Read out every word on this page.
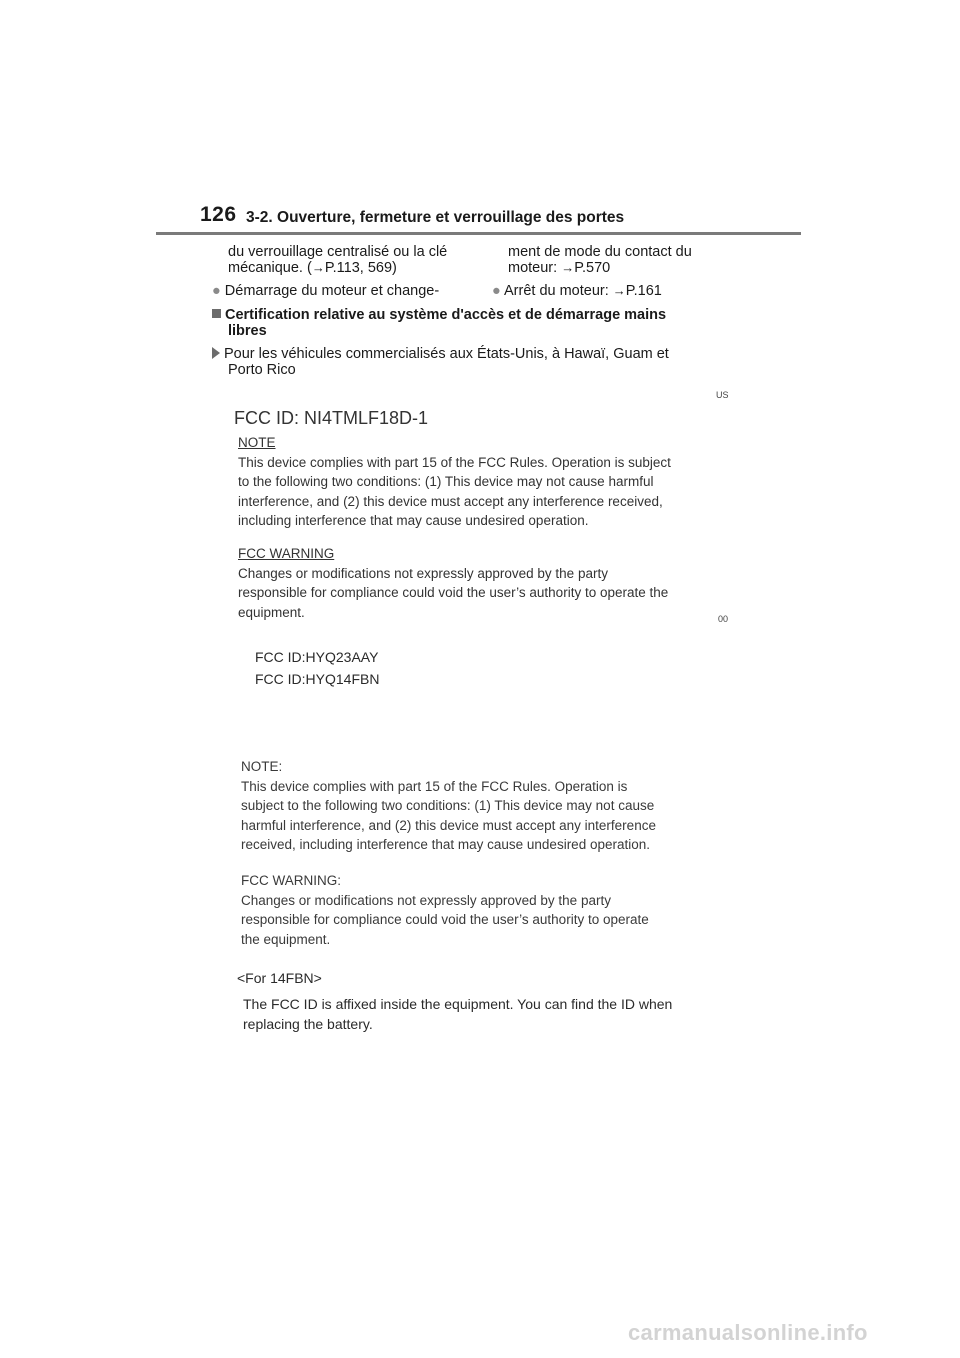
126 3-2. Ouverture, fermeture et verrouillage des portes
du verrouillage centralisé ou la clé
mécanique. (→P.113, 569)
ment de mode du contact du
moteur: →P.570
● Démarrage du moteur et change-	● Arrêt du moteur: →P.161
Certification relative au système d'accès et de démarrage mains
libres
Pour les véhicules commercialisés aux États-Unis, à Hawaï, Guam et
Porto Rico
US
FCC ID: NI4TMLF18D-1
NOTE
This device complies with part 15 of the FCC Rules. Operation is subject
to the following two conditions: (1) This device may not cause harmful
interference, and (2) this device must accept any interference received,
including interference that may cause undesired operation.
FCC WARNING
Changes or modifications not expressly approved by the party
responsible for compliance could void the user’s authority to operate the
equipment.	00
FCC ID:HYQ23AAY
FCC ID:HYQ14FBN
NOTE:
This device complies with part 15 of the FCC Rules. Operation is
subject to the following two conditions: (1) This device may not cause
harmful interference, and (2) this device must accept any interference
received, including interference that may cause undesired operation.
FCC WARNING:
Changes or modifications not expressly approved by the party
responsible for compliance could void the user’s authority to operate
the equipment.
<For 14FBN>
The FCC ID is affixed inside the equipment. You can find the ID when
replacing the battery.
carmanualsonline.info
